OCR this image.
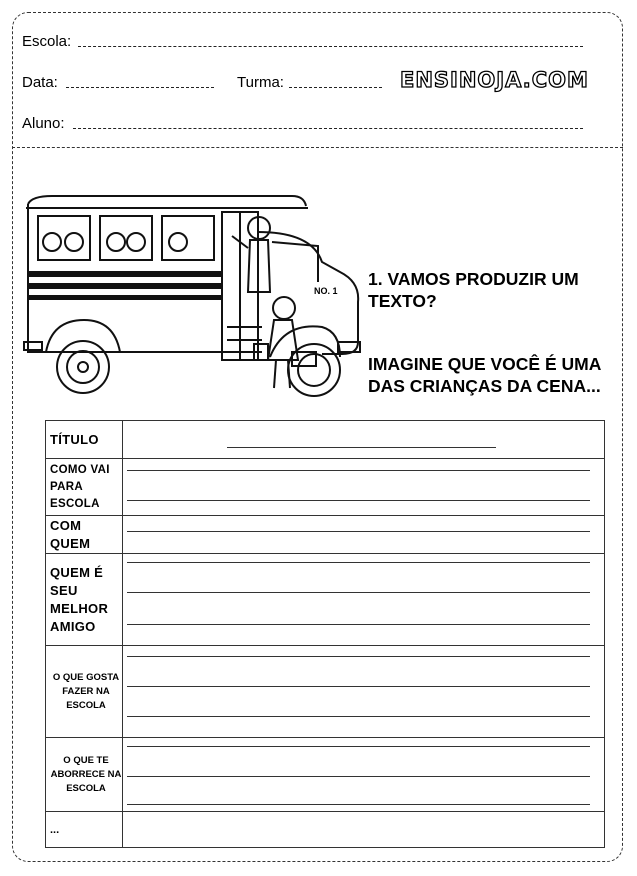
Escola:
Data:	Turma:	ENSINOJA.COM
Aluno:
NO. 1
1. VAMOS PRODUZIR UM TEXTO?
IMAGINE QUE VOCÊ É UMA DAS CRIANÇAS DA CENA...
TÍTULO	

COMO VAI PARA ESCOLA	

COM QUEM	

QUEM É SEU MELHOR AMIGO	

O QUE GOSTA FAZER NA ESCOLA	

O QUE TE ABORRECE NA ESCOLA	

...	
